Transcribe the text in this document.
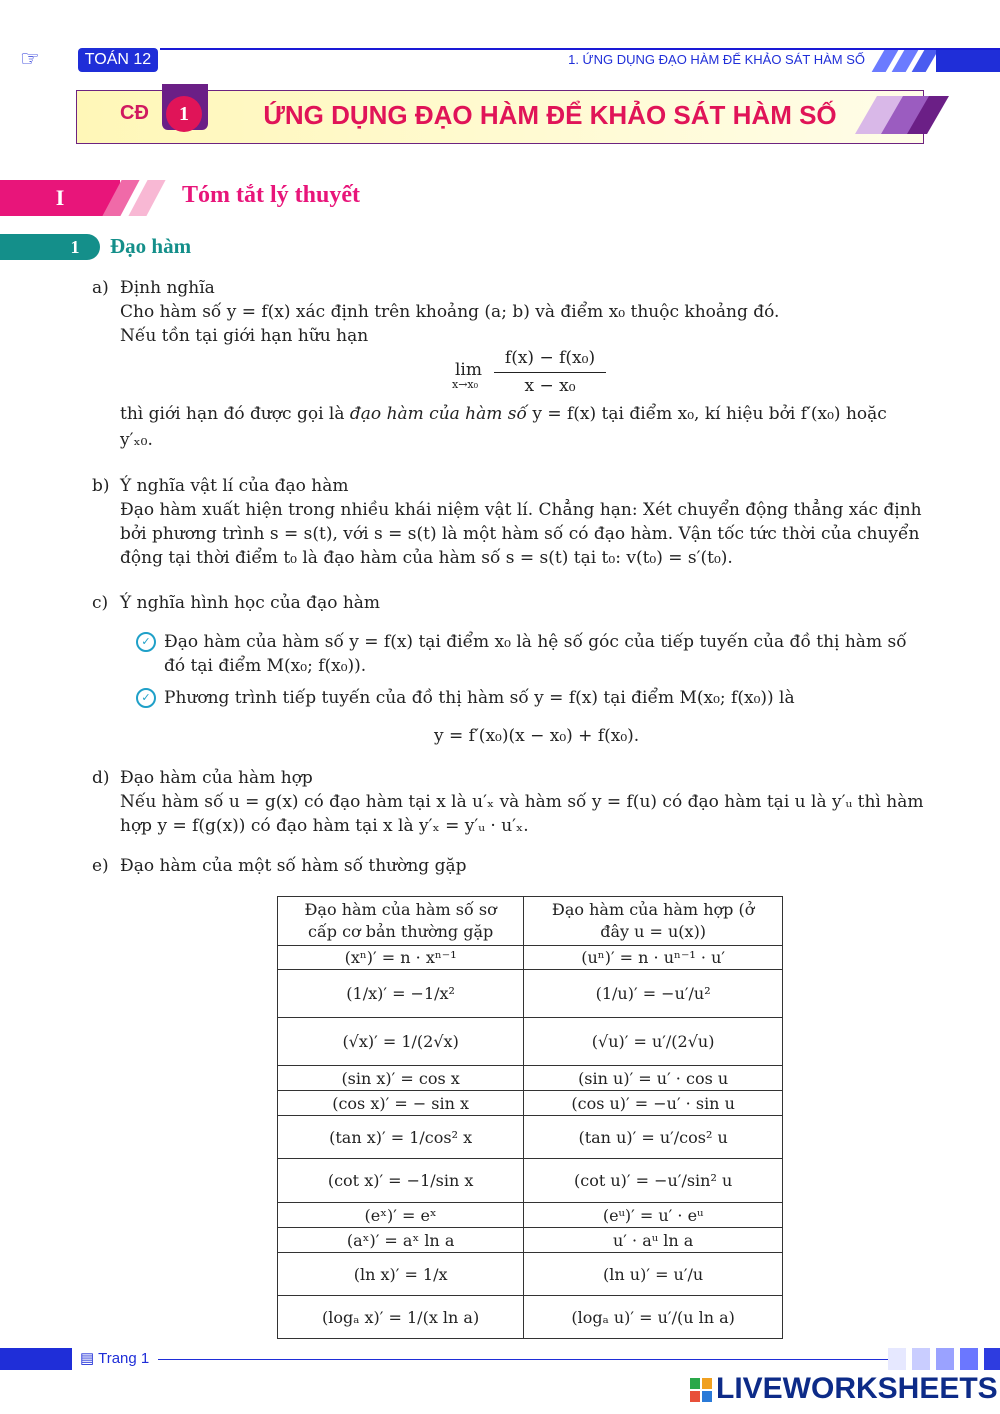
☞	TOÁN 12	1. ỨNG DỤNG ĐẠO HÀM ĐỂ KHẢO SÁT HÀM SỐ
CĐ	1	ỨNG DỤNG ĐẠO HÀM ĐỂ KHẢO SÁT HÀM SỐ
I	Tóm tắt lý thuyết
1	Đạo hàm
a) Định nghĩa
Cho hàm số y = f(x) xác định trên khoảng (a; b) và điểm x₀ thuộc khoảng đó.
Nếu tồn tại giới hạn hữu hạn
lim
x→x₀
f(x) − f(x₀)
x − x₀
thì giới hạn đó được gọi là đạo hàm của hàm số y = f(x) tại điểm x₀, kí hiệu bởi f′(x₀) hoặc
y′ₓ₀.
b) Ý nghĩa vật lí của đạo hàm
Đạo hàm xuất hiện trong nhiều khái niệm vật lí. Chẳng hạn: Xét chuyển động thẳng xác định
bởi phương trình s = s(t), với s = s(t) là một hàm số có đạo hàm. Vận tốc tức thời của chuyển
động tại thời điểm t₀ là đạo hàm của hàm số s = s(t) tại t₀: v(t₀) = s′(t₀).
c) Ý nghĩa hình học của đạo hàm
✓ Đạo hàm của hàm số y = f(x) tại điểm x₀ là hệ số góc của tiếp tuyến của đồ thị hàm số
đó tại điểm M(x₀; f(x₀)).
✓ Phương trình tiếp tuyến của đồ thị hàm số y = f(x) tại điểm M(x₀; f(x₀)) là
y = f′(x₀)(x − x₀) + f(x₀).
d) Đạo hàm của hàm hợp
Nếu hàm số u = g(x) có đạo hàm tại x là u′ₓ và hàm số y = f(u) có đạo hàm tại u là y′ᵤ thì hàm
hợp y = f(g(x)) có đạo hàm tại x là y′ₓ = y′ᵤ · u′ₓ.
e) Đạo hàm của một số hàm số thường gặp
Đạo hàm của hàm số sơ
cấp cơ bản thường gặp	Đạo hàm của hàm hợp (ở
đây u = u(x))
(xⁿ)′ = n · xⁿ⁻¹	(uⁿ)′ = n · uⁿ⁻¹ · u′
(1/x)′ = −1/x²	(1/u)′ = −u′/u²
(√x)′ = 1/(2√x)	(√u)′ = u′/(2√u)
(sin x)′ = cos x	(sin u)′ = u′ · cos u
(cos x)′ = − sin x	(cos u)′ = −u′ · sin u
(tan x)′ = 1/cos² x	(tan u)′ = u′/cos² u
(cot x)′ = −1/sin x	(cot u)′ = −u′/sin² u
(eˣ)′ = eˣ	(eᵘ)′ = u′ · eᵘ
(aˣ)′ = aˣ ln a	u′ · aᵘ ln a
(ln x)′ = 1/x	(ln u)′ = u′/u
(logₐ x)′ = 1/(x ln a)	(logₐ u)′ = u′/(u ln a)
▤ Trang 1
LIVEWORKSHEETS
